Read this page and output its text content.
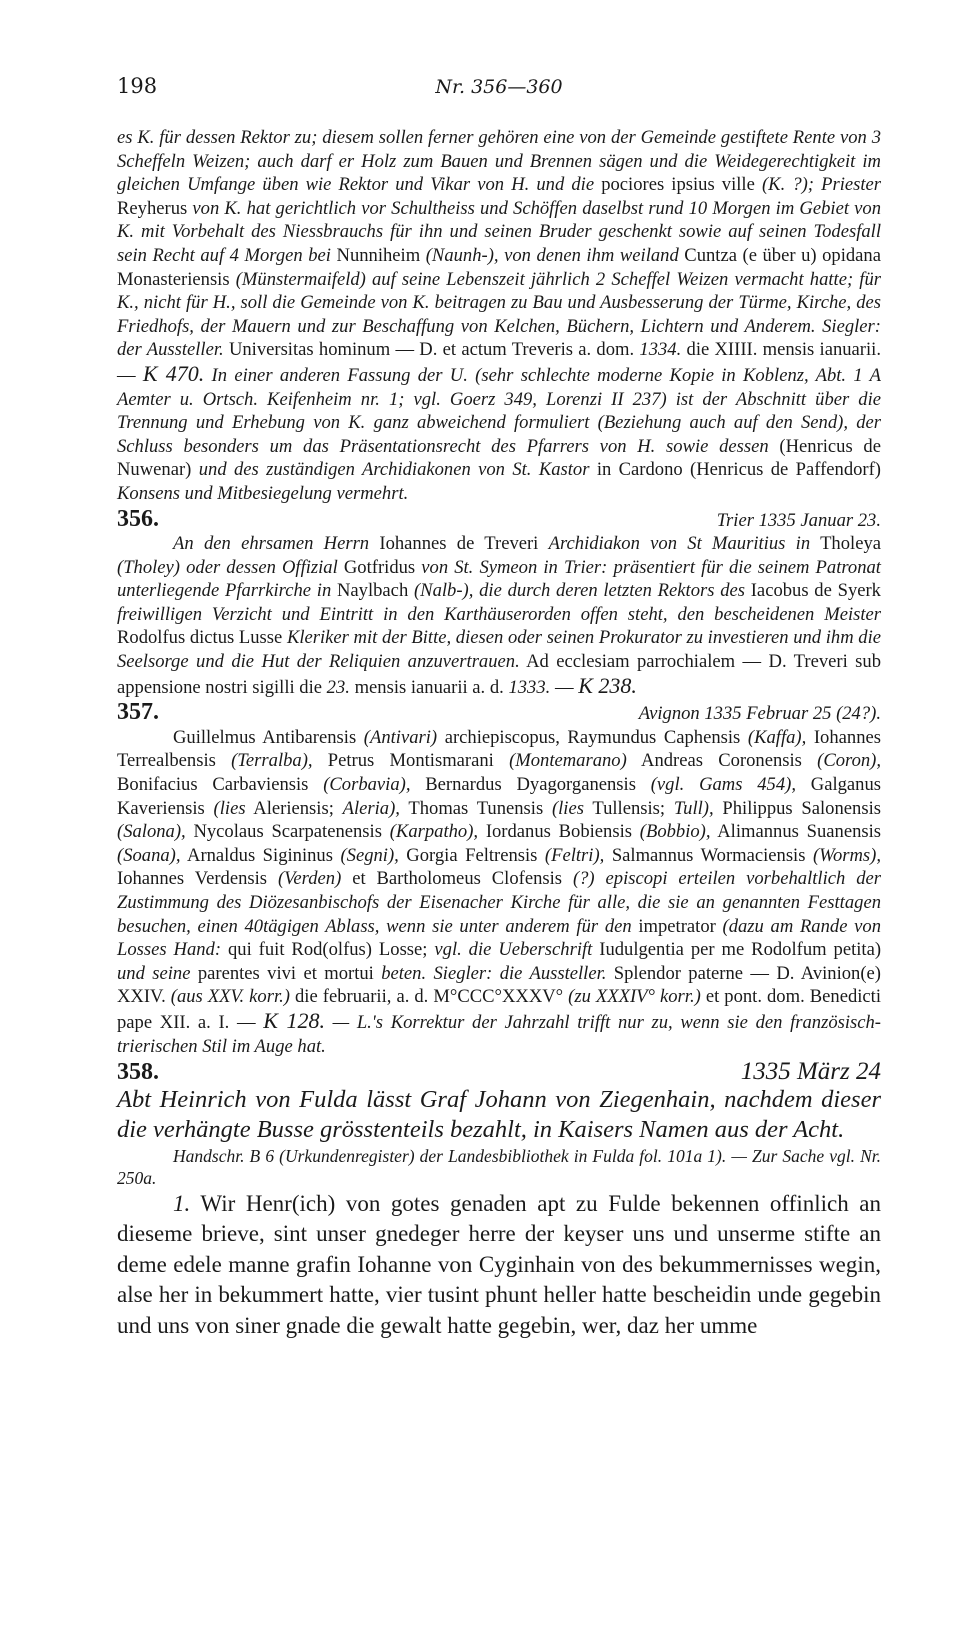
198	Nr. 356—360

es K. für dessen Rektor zu; diesem sollen ferner gehören eine von der Gemeinde gestiftete Rente von 3 Scheffeln Weizen; auch darf er Holz zum Bauen und Brennen sägen und die Weidegerechtigkeit im gleichen Umfange üben wie Rektor und Vikar von H. und die pociores ipsius ville (K. ?); Priester Reyherus von K. hat gerichtlich vor Schultheiss und Schöffen daselbst rund 10 Morgen im Gebiet von K. mit Vorbehalt des Niessbrauchs für ihn und seinen Bruder geschenkt sowie auf seinen Todesfall sein Recht auf 4 Morgen bei Nunniheim (Naunh-), von denen ihm weiland Cuntza (e über u) opidana Monasteriensis (Münstermaifeld) auf seine Lebenszeit jährlich 2 Scheffel Weizen vermacht hatte; für K., nicht für H., soll die Gemeinde von K. beitragen zu Bau und Ausbesserung der Türme, Kirche, des Friedhofs, der Mauern und zur Beschaffung von Kelchen, Büchern, Lichtern und Anderem. Siegler: der Aussteller. Universitas hominum — D. et actum Treveris a. dom. 1334. die XIIII. mensis ianuarii. — K 470. In einer anderen Fassung der U. (sehr schlechte moderne Kopie in Koblenz, Abt. 1 A Aemter u. Ortsch. Keifenheim nr. 1; vgl. Goerz 349, Lorenzi II 237) ist der Abschnitt über die Trennung und Erhebung von K. ganz abweichend formuliert (Beziehung auch auf den Send), der Schluss besonders um das Präsentationsrecht des Pfarrers von H. sowie dessen (Henricus de Nuwenar) und des zuständigen Archidiakonen von St. Kastor in Cardono (Henricus de Paffendorf) Konsens und Mitbesiegelung vermehrt.

356.	Trier 1335 Januar 23.

An den ehrsamen Herrn Iohannes de Treveri Archidiakon von St Mauritius in Tholeya (Tholey) oder dessen Offizial Gotfridus von St. Symeon in Trier: präsentiert für die seinem Patronat unterliegende Pfarrkirche in Naylbach (Nalb-), die durch deren letzten Rektors des Iacobus de Syerk freiwilligen Verzicht und Eintritt in den Karthäuserorden offen steht, den bescheidenen Meister Rodolfus dictus Lusse Kleriker mit der Bitte, diesen oder seinen Prokurator zu investieren und ihm die Seelsorge und die Hut der Reliquien anzuvertrauen. Ad ecclesiam parrochialem — D. Treveri sub appensione nostri sigilli die 23. mensis ianuarii a. d. 1333. — K 238.

357.	Avignon 1335 Februar 25 (24?).

Guillelmus Antibarensis (Antivari) archiepiscopus, Raymundus Caphensis (Kaffa), Iohannes Terrealbensis (Terralba), Petrus Montismarani (Montemarano) Andreas Coronensis (Coron), Bonifacius Carbaviensis (Corbavia), Bernardus Dyagorganensis (vgl. Gams 454), Galganus Kaveriensis (lies Aleriensis; Aleria), Thomas Tunensis (lies Tullensis; Tull), Philippus Salonensis (Salona), Nycolaus Scarpatenensis (Karpatho), Iordanus Bobiensis (Bobbio), Alimannus Suanensis (Soana), Arnaldus Sigininus (Segni), Gorgia Feltrensis (Feltri), Salmannus Wormaciensis (Worms), Iohannes Verdensis (Verden) et Bartholomeus Clofensis (?) episcopi erteilen vorbehaltlich der Zustimmung des Diözesanbischofs der Eisenacher Kirche für alle, die sie an genannten Festtagen besuchen, einen 40tägigen Ablass, wenn sie unter anderem für den impetrator (dazu am Rande von Losses Hand: qui fuit Rod(olfus) Losse; vgl. die Ueberschrift Iudulgentia per me Rodolfum petita) und seine parentes vivi et mortui beten. Siegler: die Aussteller. Splendor paterne — D. Avinion(e) XXIV. (aus XXV. korr.) die februarii, a. d. M°CCC°XXXV° (zu XXXIV° korr.) et pont. dom. Benedicti pape XII. a. I. — K 128. — L.'s Korrektur der Jahrzahl trifft nur zu, wenn sie den französisch-trierischen Stil im Auge hat.

358.	1335 März 24

Abt Heinrich von Fulda lässt Graf Johann von Ziegenhain, nachdem dieser die verhängte Busse grösstenteils bezahlt, in Kaisers Namen aus der Acht.

Handschr. B 6 (Urkundenregister) der Landesbibliothek in Fulda fol. 101a 1). — Zur Sache vgl. Nr. 250a.

1. Wir Henr(ich) von gotes genaden apt zu Fulde bekennen offinlich an dieseme brieve, sint unser gnedeger herre der keyser uns und unserme stifte an deme edele manne grafin Iohanne von Cyginhain von des bekummernisses wegin, alse her in bekummert hatte, vier tusint phunt heller hatte bescheidin unde gegebin und uns von siner gnade die gewalt hatte gegebin, wer, daz her umme
